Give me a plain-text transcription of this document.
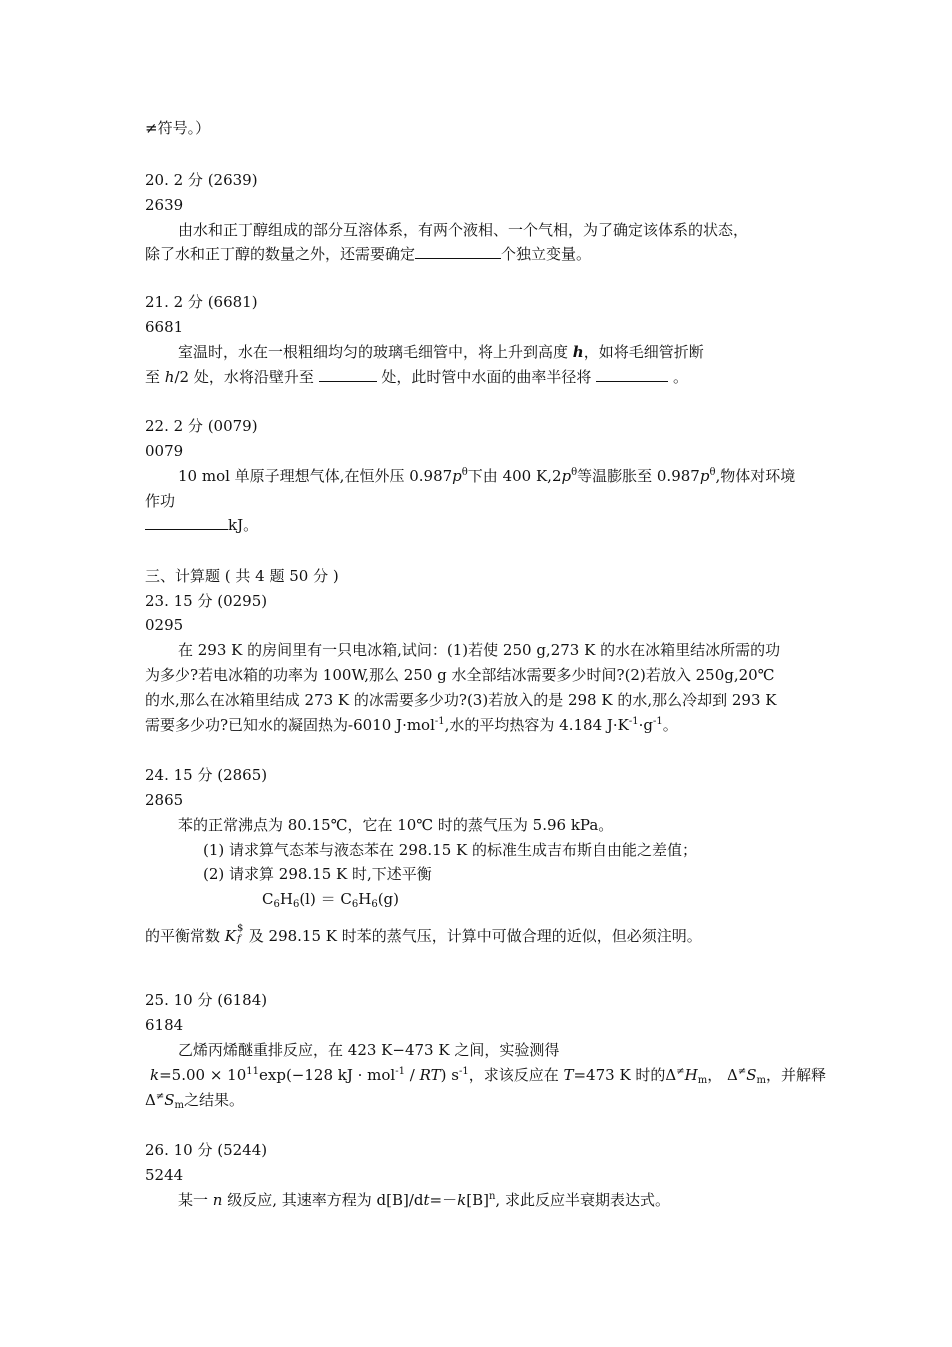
≠符号。）
20. 2 分 (2639)
2639
由水和正丁醇组成的部分互溶体系，有两个液相、一个气相，为了确定该体系的状态，
除了水和正丁醇的数量之外，还需要确定	个独立变量。
21. 2 分 (6681)
6681
室温时，水在一根粗细均匀的玻璃毛细管中，将上升到高度 h，如将毛细管折断
至 h/2 处，水将沿壁升至	处，此时管中水面的曲率半径将	。
22. 2 分 (0079)
0079
10 mol 单原子理想气体,在恒外压 $0.987p^\theta$下由 400 $K,2p^\theta$等温膨胀至 $0.987p^\theta$,物体对环境
作功
kJ。
三、计算题 ( 共 4 题 50 分 )
23. 15 分 (0295)
0295
在 293 K 的房间里有一只电冰箱,试问：(1)若使 250 g,273 K 的水在冰箱里结冰所需的功
为多少?若电冰箱的功率为 100W,那么 250 g 水全部结冰需要多少时间?(2)若放入 250g,20℃
的水,那么在冰箱里结成 273 K 的冰需要多少功?(3)若放入的是 298 K 的水,那么冷却到 293 K
需要多少功?已知水的凝固热为-6010 J·mol$^{-1}$,水的平均热容为 4.184 $J\cdot K^{-1}\cdot g^{-1}$。
24. 15 分 (2865)
2865
苯的正常沸点为 80.15℃，它在 10℃ 时的蒸气压为 5.96 kPa。
(1) 请求算气态苯与液态苯在 298.15 K 的标准生成吉布斯自由能之差值；
(2) 请求算 298.15 K 时,下述平衡
$C_6H_6(l) = C_6H_6(g)$
的平衡常数 K $
f 及 298.15 K 时苯的蒸气压，计算中可做合理的近似，但必须注明。
25. 10 分 (6184)
6184
乙烯丙烯醚重排反应，在 423 K−473 K 之间，实验测得
$k=5.00 \times 10^{11}\exp(-128$ kJ · mol$^{-1}$ / RT) $s^{-1}$，求该反应在 T=473 K 时的$\Delta^\ne H_m$， $\Delta^\ne S_m$，并解释
$\Delta^\ne S_m$之结果。
26. 10 分 (5244)
5244
某一 n 级反应, 其速率方程为 $d[B]/dt=-k[B]^n$, 求此反应半衰期表达式。
